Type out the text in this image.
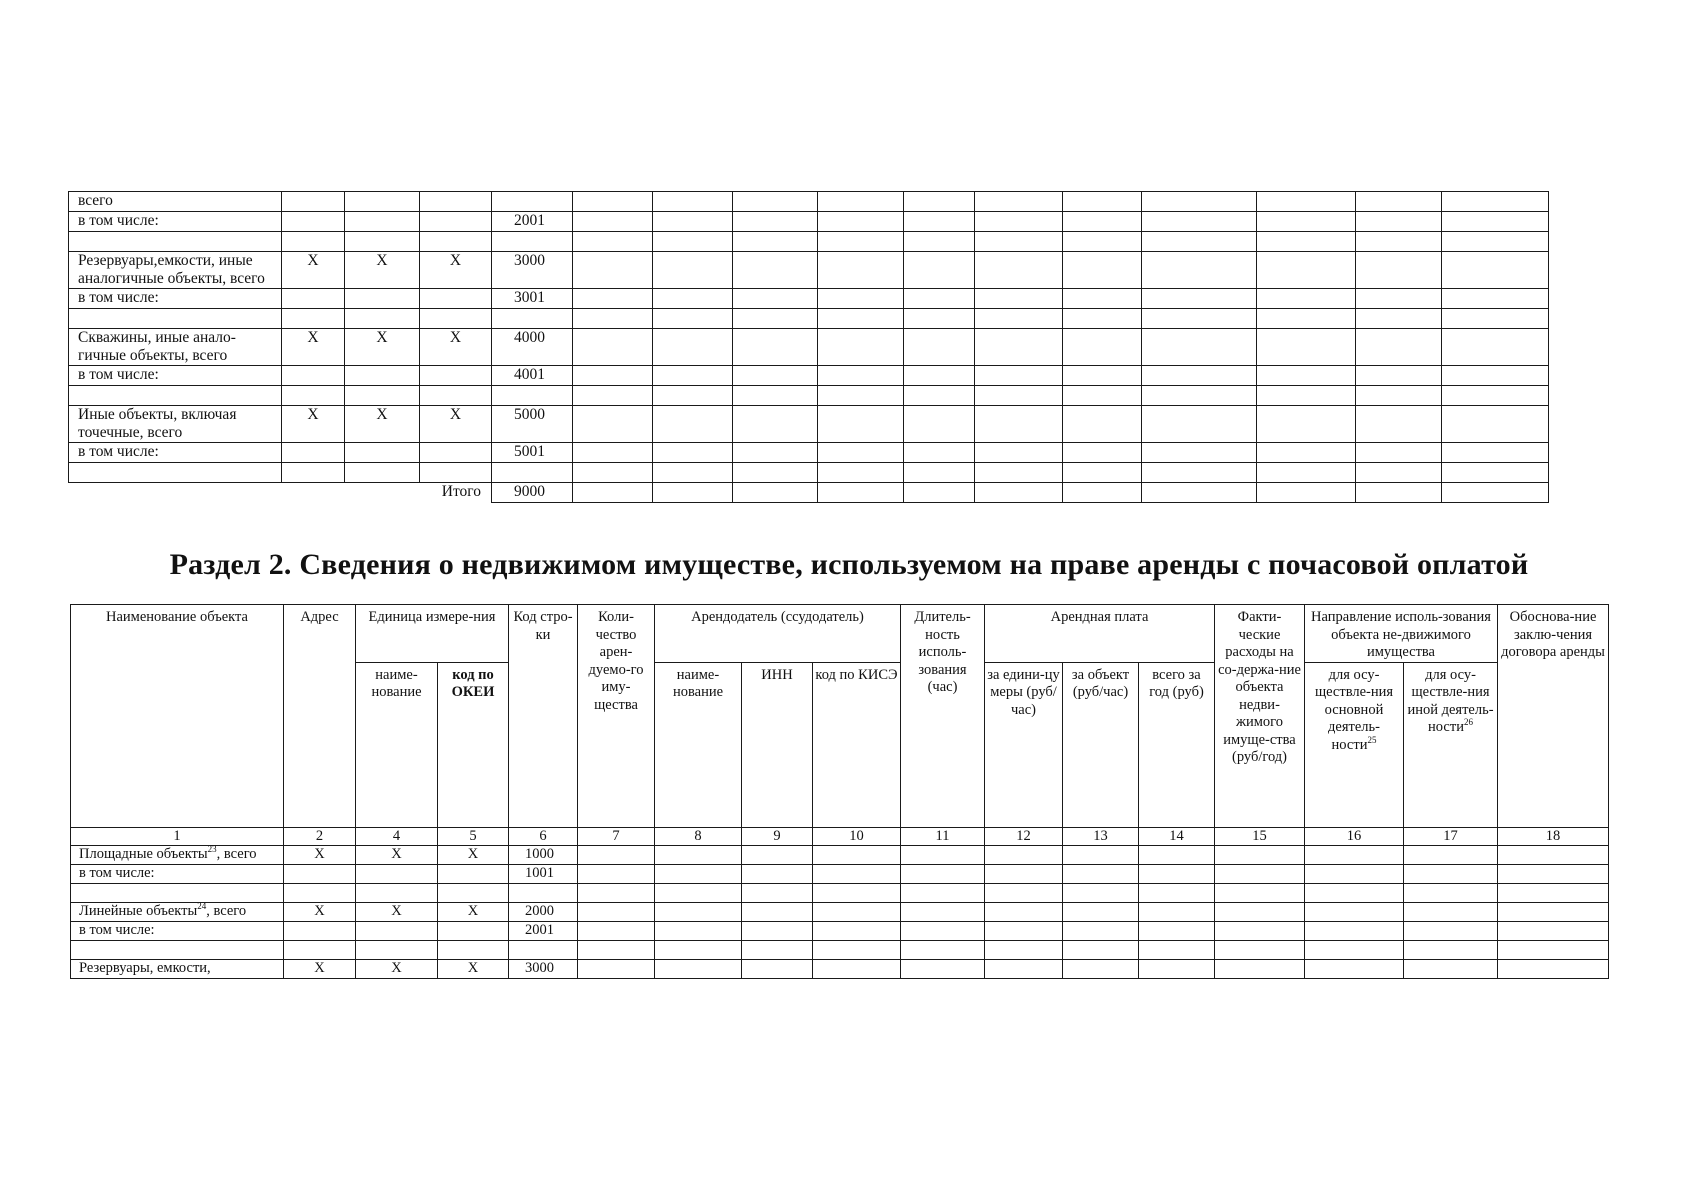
всего															
в том числе:				2001											

Резервуары,емкости, иные аналогичные объекты, всего	X	X	X	3000											
в том числе:				3001											

Скважины, иные анало-гичные объекты, всего	X	X	X	4000											
в том числе:				4001											

Иные объекты, включая точечные, всего	X	X	X	5000											
в том числе:				5001											

Итого				9000											
Раздел 2. Сведения о недвижимом имуществе, используемом на праве аренды с почасовой оплатой
Наименование объекта	Адрес	Единица измере-ния		Код стро-ки	Коли-чество арен-дуемо-го иму-щества	Арендодатель (ссудодатель)			Длитель-ность исполь-зования (час)	Арендная плата			Факти-ческие расходы на со-держа-ние объекта недви-жимого имуще-ства (руб/год)	Направление исполь-зования объекта не-движимого имущества		Обоснова-ние заклю-чения договора аренды
		наиме-нование	код по ОКЕИ			наиме-нование	ИНН	код по КИСЭ		за едини-цу меры (руб/час)	за объект (руб/час)	всего за год (руб)		для осу-ществле-ния основной деятель-ности$^{25}$	для осу-ществле-ния иной деятель-ности$^{26}$
1	2	4	5	6	7	8	9	10	11	12	13	14	15	16	17	18
Площадные объекты$^{23}$, всего	X	X	X	1000												
в том числе:				1001												

Линейные объекты$^{24}$, всего	X	X	X	2000												
в том числе:				2001												

Резервуары, емкости,	X	X	X	3000												
